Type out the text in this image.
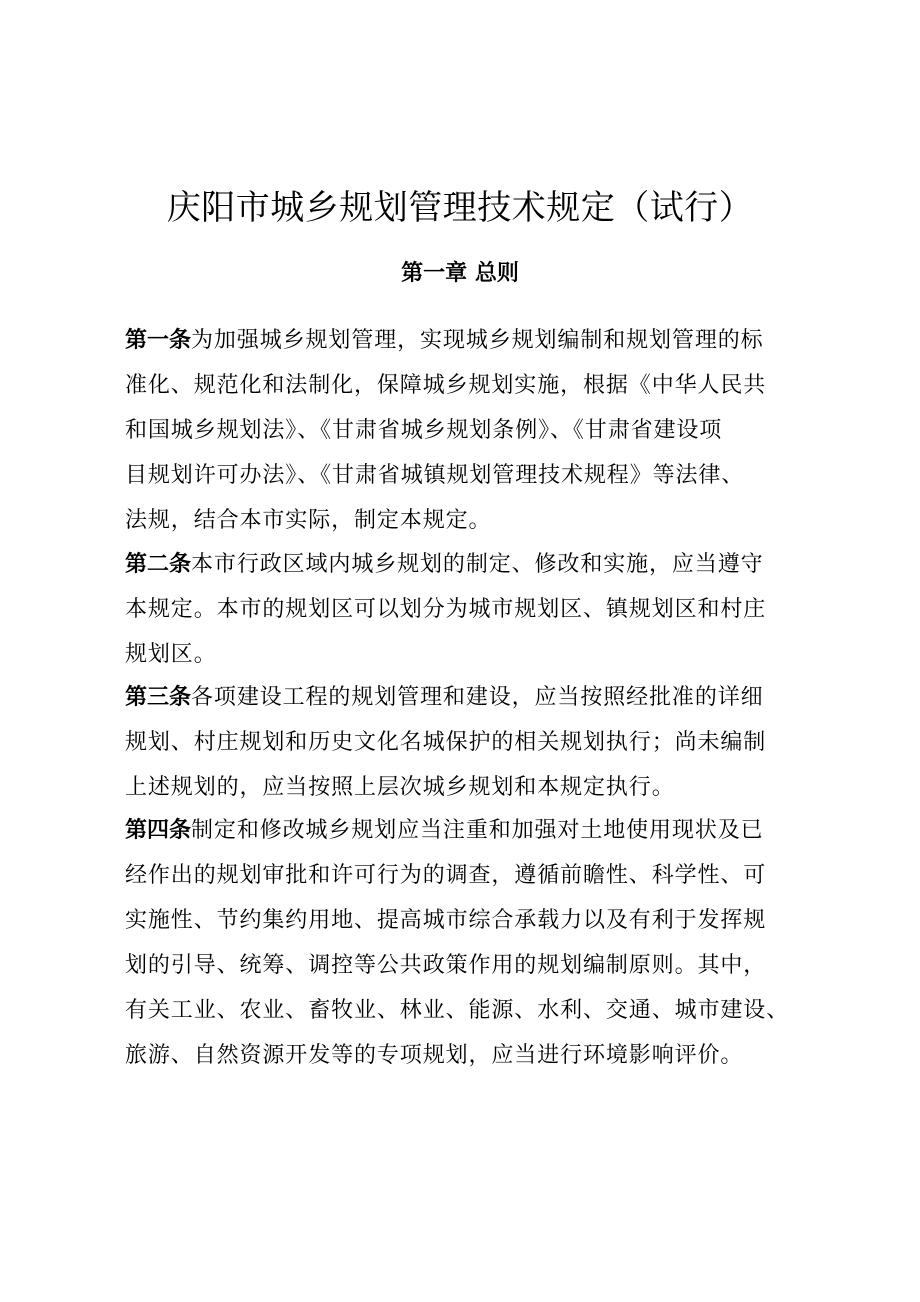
庆阳市城乡规划管理技术规定（试行）
第一章 总则
第一条为加强城乡规划管理，实现城乡规划编制和规划管理的标
准化、规范化和法制化，保障城乡规划实施，根据《中华人民共
和国城乡规划法》、《甘肃省城乡规划条例》、《甘肃省建设项
目规划许可办法》、《甘肃省城镇规划管理技术规程》等法律、
法规，结合本市实际，制定本规定。
第二条本市行政区域内城乡规划的制定、修改和实施，应当遵守
本规定。本市的规划区可以划分为城市规划区、镇规划区和村庄
规划区。
第三条各项建设工程的规划管理和建设，应当按照经批准的详细
规划、村庄规划和历史文化名城保护的相关规划执行；尚未编制
上述规划的，应当按照上层次城乡规划和本规定执行。
第四条制定和修改城乡规划应当注重和加强对土地使用现状及已
经作出的规划审批和许可行为的调查，遵循前瞻性、科学性、可
实施性、节约集约用地、提高城市综合承载力以及有利于发挥规
划的引导、统筹、调控等公共政策作用的规划编制原则。其中，
有关工业、农业、畜牧业、林业、能源、水利、交通、城市建设、
旅游、自然资源开发等的专项规划，应当进行环境影响评价。
